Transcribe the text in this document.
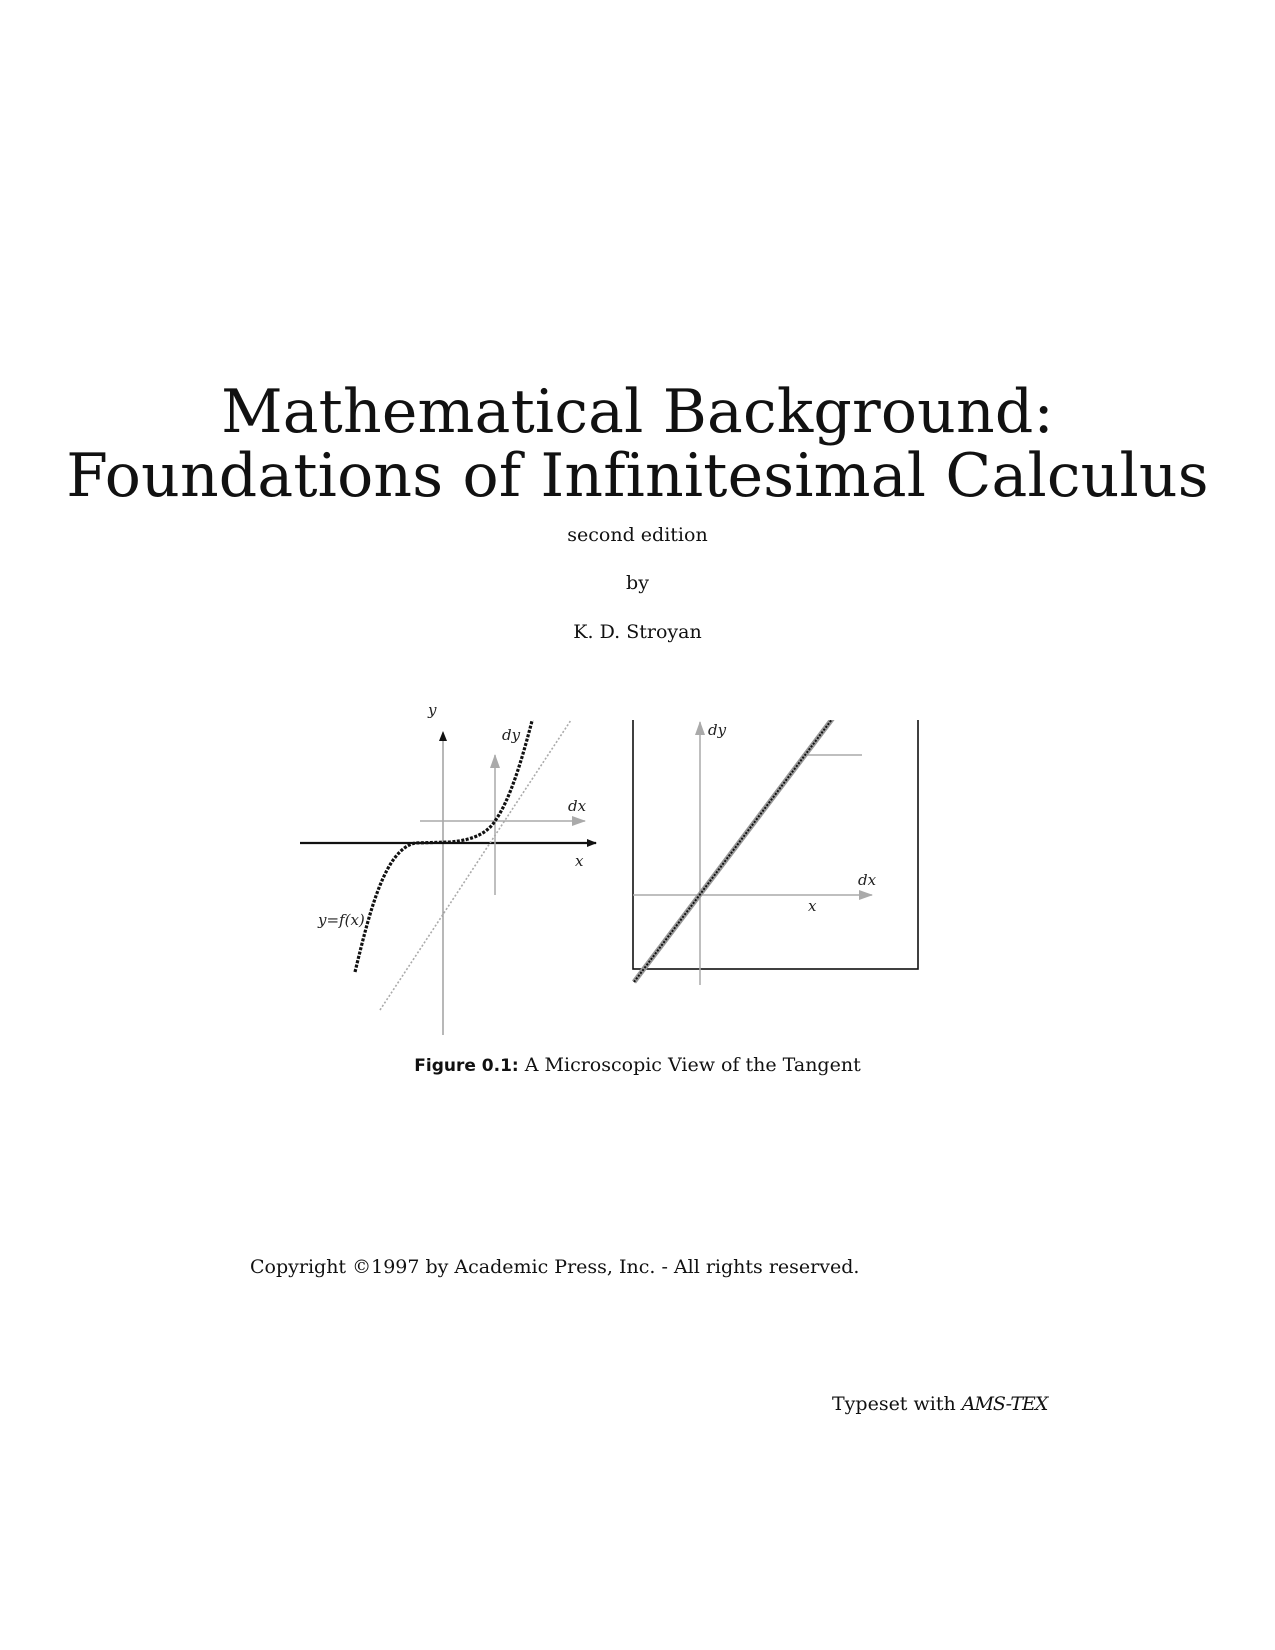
Mathematical Background:
Foundations of Infinitesimal Calculus
second edition
by
K. D. Stroyan
y
dy
dx
x
y=f(x)
dy
dx
x
Figure 0.1: A Microscopic View of the Tangent
Copyright ©1997 by Academic Press, Inc. - All rights reserved.
Typeset with AMS-TEX
